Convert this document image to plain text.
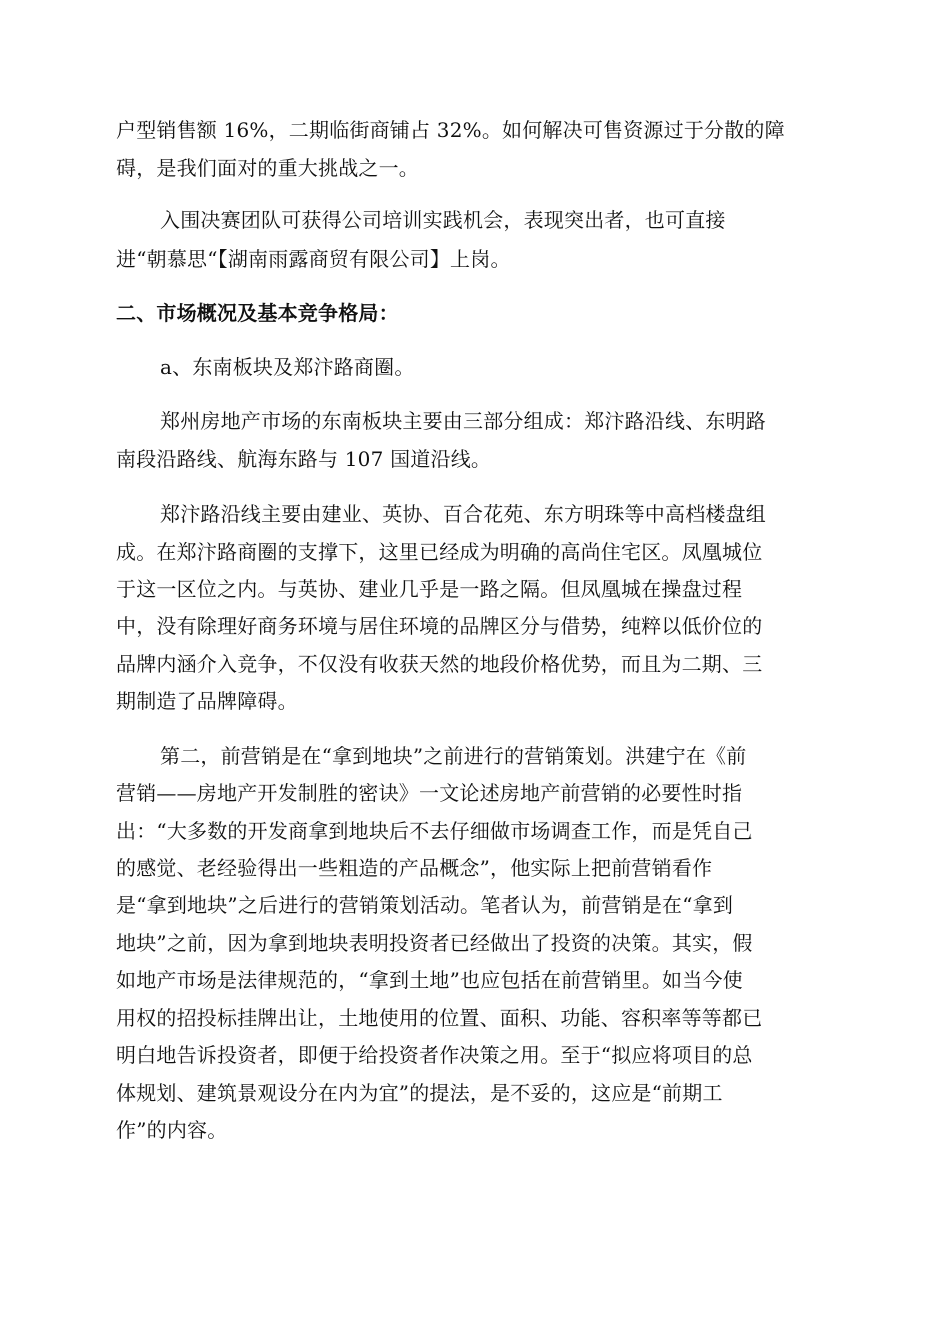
户型销售额 16%，二期临街商铺占 32%。如何解决可售资源过于分散的障
碍，是我们面对的重大挑战之一。
入围决赛团队可获得公司培训实践机会，表现突出者，也可直接
进“朝慕思“【湖南雨露商贸有限公司】上岗。
二、市场概况及基本竞争格局：
a、东南板块及郑汴路商圈。
郑州房地产市场的东南板块主要由三部分组成：郑汴路沿线、东明路
南段沿路线、航海东路与 107 国道沿线。
郑汴路沿线主要由建业、英协、百合花苑、东方明珠等中高档楼盘组
成。在郑汴路商圈的支撑下，这里已经成为明确的高尚住宅区。凤凰城位
于这一区位之内。与英协、建业几乎是一路之隔。但凤凰城在操盘过程
中，没有除理好商务环境与居住环境的品牌区分与借势，纯粹以低价位的
品牌内涵介入竞争，不仅没有收获天然的地段价格优势，而且为二期、三
期制造了品牌障碍。
第二，前营销是在“拿到地块”之前进行的营销策划。洪建宁在《前
营销——房地产开发制胜的密诀》一文论述房地产前营销的必要性时指
出：“大多数的开发商拿到地块后不去仔细做市场调查工作，而是凭自己
的感觉、老经验得出一些粗造的产品概念”，他实际上把前营销看作
是“拿到地块”之后进行的营销策划活动。笔者认为，前营销是在“拿到
地块”之前，因为拿到地块表明投资者已经做出了投资的决策。其实，假
如地产市场是法律规范的，“拿到土地”也应包括在前营销里。如当今使
用权的招投标挂牌出让，土地使用的位置、面积、功能、容积率等等都已
明白地告诉投资者，即便于给投资者作决策之用。至于“拟应将项目的总
体规划、建筑景观设分在内为宜”的提法，是不妥的，这应是“前期工
作”的内容。
